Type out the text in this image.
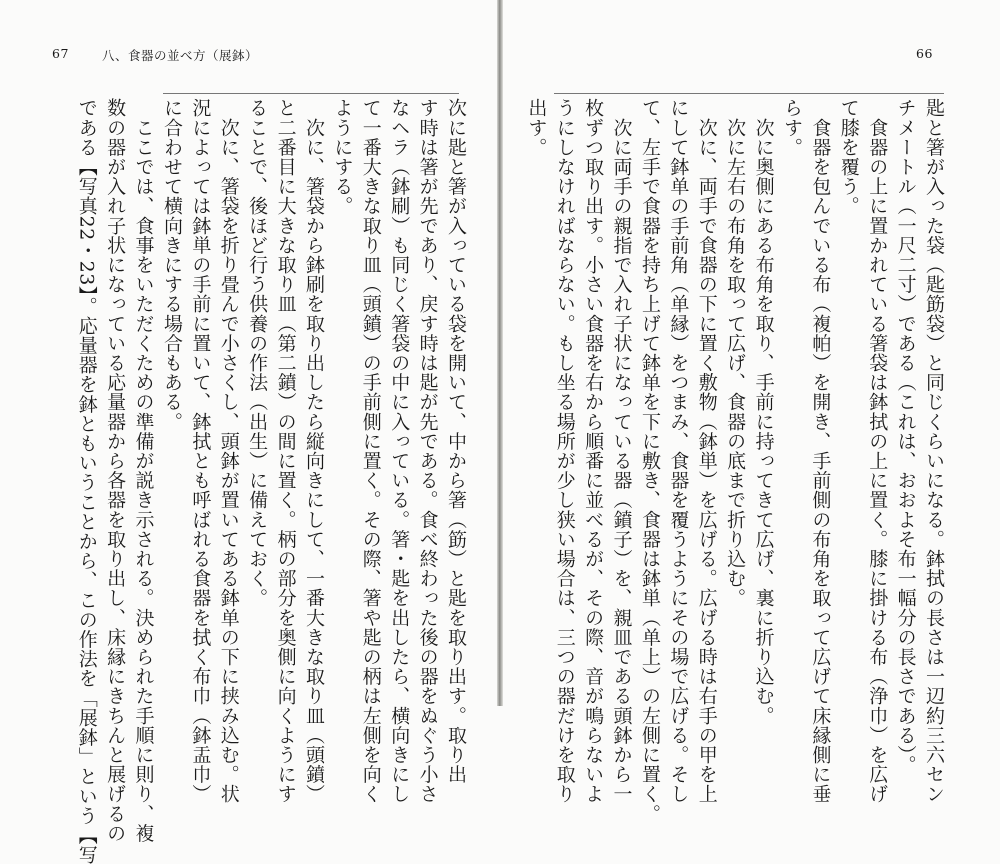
67	八、食器の並べ方（展鉢）	66
次に匙と箸が入っている袋を開いて、中から箸（筯）と匙を取り出す。取り出
す時は箸が先であり、戻す時は匙が先である。食べ終わった後の器をぬぐう小さ
なヘラ（鉢刷）も同じく箸袋の中に入っている。箸・匙を出したら、横向きにし
て一番大きな取り皿（頭鐼）の手前側に置く。その際、箸や匙の柄は左側を向く
ようにする。
　次に、箸袋から鉢刷を取り出したら縦向きにして、一番大きな取り皿（頭鐼）
と二番目に大きな取り皿（第二鐼）の間に置く。柄の部分を奥側に向くようにす
ることで、後ほど行う供養の作法（出生）に備えておく。
　次に、箸袋を折り畳んで小さくし、頭鉢が置いてある鉢单の下に挟み込む。状
況によっては鉢単の手前に置いて、鉢拭とも呼ばれる食器を拭く布巾（鉢盂巾）
に合わせて横向きにする場合もある。
　ここでは、食事をいただくための準備が説き示される。決められた手順に則り、複
数の器が入れ子状になっている応量器から各器を取り出し、床縁にきちんと展げるの
である【写真22・23】。応量器を鉢ともいうことから、この作法を「展鉢」という【写	匙と箸が入った袋（匙筯袋）と同じくらいになる。鉢拭の長さは一辺約三六セン
チメートル（一尺二寸）である（これは、おおよそ布一幅分の長さである）。
　食器の上に置かれている箸袋は鉢拭の上に置く。膝に掛ける布（浄巾）を広げ
て膝を覆う。
　食器を包んでいる布（複帕）を開き、手前側の布角を取って広げて床縁側に垂
らす。
　次に奥側にある布角を取り、手前に持ってきて広げ、裏に折り込む。
　次に左右の布角を取って広げ、食器の底まで折り込む。
　次に、両手で食器の下に置く敷物（鉢単）を広げる。広げる時は右手の甲を上
にして鉢单の手前角（单縁）をつまみ、食器を覆うようにその場で広げる。そし
て、左手で食器を持ち上げて鉢单を下に敷き、食器は鉢単（单上）の左側に置く。
　次に両手の親指で入れ子状になっている器（鐼子）を、親皿である頭鉢から一
枚ずつ取り出す。小さい食器を右から順番に並べるが、その際、音が鳴らないよ
うにしなければならない。もし坐る場所が少し狭い場合は、三つの器だけを取り
出す。
